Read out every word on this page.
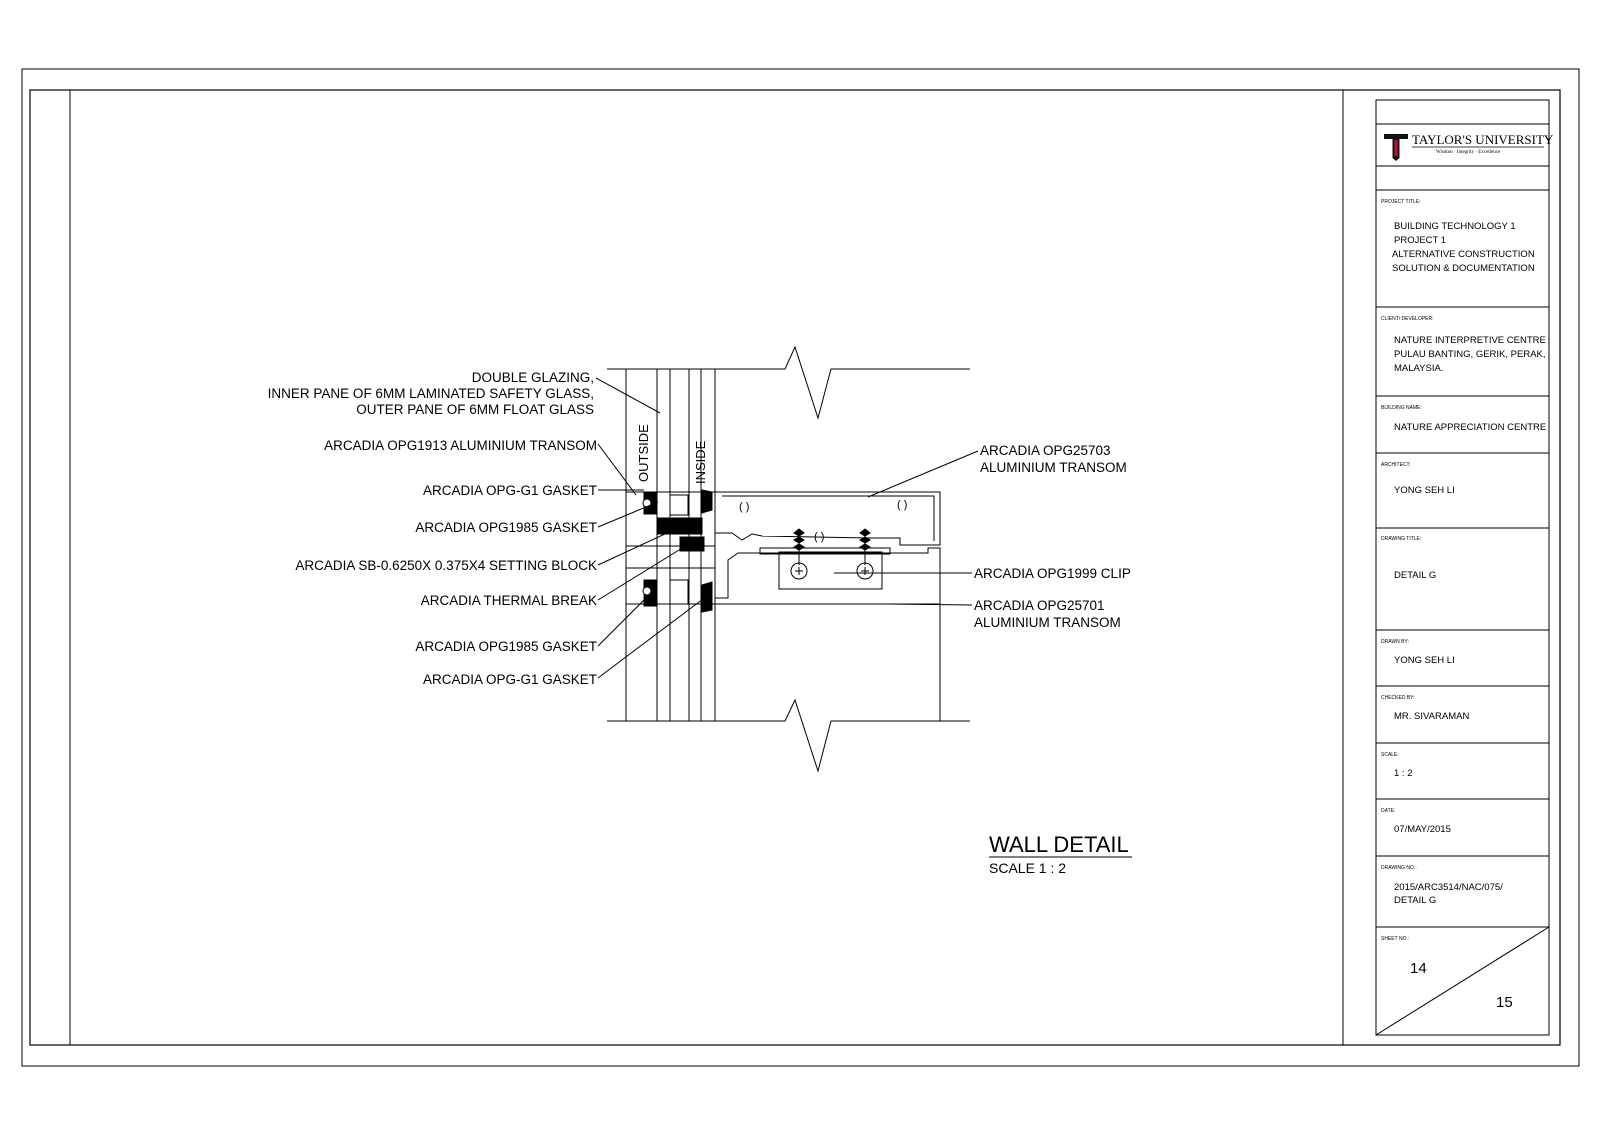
TAYLOR'S UNIVERSITY
Wisdom · Integrity · Excellence
PROJECT TITLE:
BUILDING TECHNOLOGY 1
PROJECT 1
ALTERNATIVE CONSTRUCTION
SOLUTION & DOCUMENTATION
CLIENT/ DEVELOPER:
NATURE INTERPRETIVE CENTRE
PULAU BANTING, GERIK, PERAK,
MALAYSIA.
BUILDING NAME:
NATURE APPRECIATION CENTRE
ARCHITECT:
YONG SEH LI
DRAWING TITLE:
DETAIL G
DRAWN BY:
YONG SEH LI
CHECKED BY:
MR. SIVARAMAN
SCALE:
1 : 2
DATE:
07/MAY/2015
DRAWING NO.:
2015/ARC3514/NAC/075/
DETAIL G
SHEET NO.:
14
15
( )	( )
( )
OUTSIDE	INSIDE
DOUBLE GLAZING,
INNER PANE OF 6MM LAMINATED SAFETY GLASS,
OUTER PANE OF 6MM FLOAT GLASS
ARCADIA OPG1913 ALUMINIUM TRANSOM
ARCADIA OPG-G1 GASKET
ARCADIA OPG1985 GASKET
ARCADIA SB-0.6250X 0.375X4 SETTING BLOCK
ARCADIA THERMAL BREAK
ARCADIA OPG1985 GASKET
ARCADIA OPG-G1 GASKET
ARCADIA OPG25703
ALUMINIUM TRANSOM
ARCADIA OPG1999 CLIP
ARCADIA OPG25701
ALUMINIUM TRANSOM
WALL DETAIL
SCALE 1 : 2
